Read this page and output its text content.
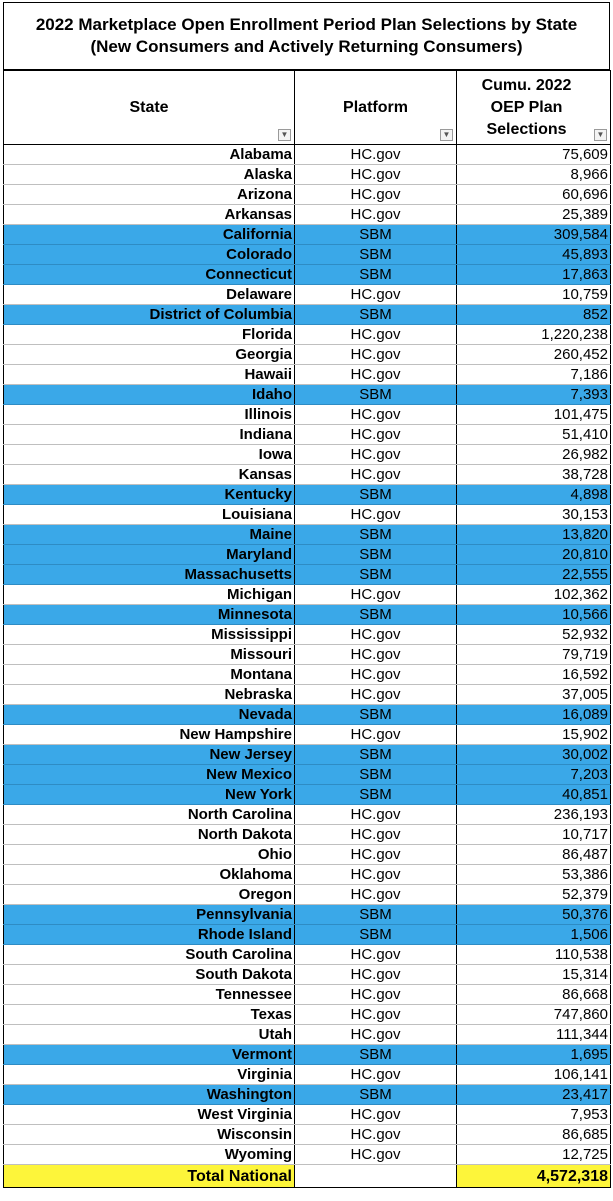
2022 Marketplace Open Enrollment Period Plan Selections by State
(New Consumers and Actively Returning Consumers)
State
▼	Platform
▼	Cumu. 2022
OEP Plan
Selections ▼

Alabama	HC.gov	75,609
Alaska	HC.gov	8,966
Arizona	HC.gov	60,696
Arkansas	HC.gov	25,389
California	SBM	309,584
Colorado	SBM	45,893
Connecticut	SBM	17,863
Delaware	HC.gov	10,759
District of Columbia	SBM	852
Florida	HC.gov	1,220,238
Georgia	HC.gov	260,452
Hawaii	HC.gov	7,186
Idaho	SBM	7,393
Illinois	HC.gov	101,475
Indiana	HC.gov	51,410
Iowa	HC.gov	26,982
Kansas	HC.gov	38,728
Kentucky	SBM	4,898
Louisiana	HC.gov	30,153
Maine	SBM	13,820
Maryland	SBM	20,810
Massachusetts	SBM	22,555
Michigan	HC.gov	102,362
Minnesota	SBM	10,566
Mississippi	HC.gov	52,932
Missouri	HC.gov	79,719
Montana	HC.gov	16,592
Nebraska	HC.gov	37,005
Nevada	SBM	16,089
New Hampshire	HC.gov	15,902
New Jersey	SBM	30,002
New Mexico	SBM	7,203
New York	SBM	40,851
North Carolina	HC.gov	236,193
North Dakota	HC.gov	10,717
Ohio	HC.gov	86,487
Oklahoma	HC.gov	53,386
Oregon	HC.gov	52,379
Pennsylvania	SBM	50,376
Rhode Island	SBM	1,506
South Carolina	HC.gov	110,538
South Dakota	HC.gov	15,314
Tennessee	HC.gov	86,668
Texas	HC.gov	747,860
Utah	HC.gov	111,344
Vermont	SBM	1,695
Virginia	HC.gov	106,141
Washington	SBM	23,417
West Virginia	HC.gov	7,953
Wisconsin	HC.gov	86,685
Wyoming	HC.gov	12,725
Total National		4,572,318
